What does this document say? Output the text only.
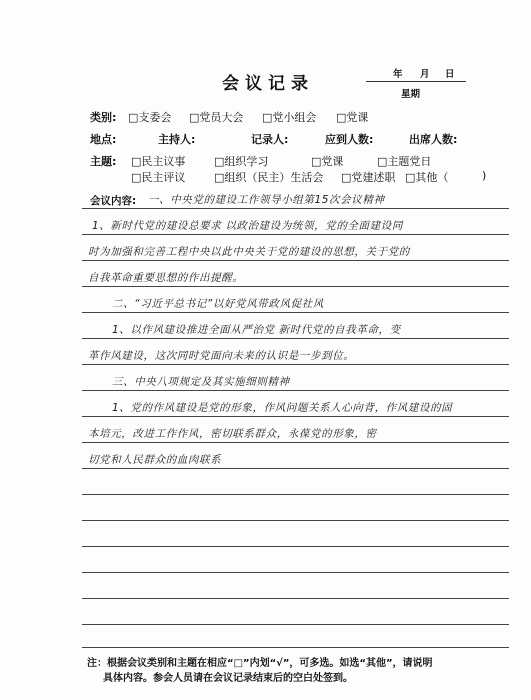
会议记录	年 月 日
星期
类别: □支委会 □党员大会 □党小组会 □党课
地点:	主持人:	记录人:	应到人数:	出席人数:
主题: □民主议事	□组织学习	□党课	□主题党日
□民主评议	□组织（民主）生活会 □党建述职 □其他（	)
会议内容: 一、中央党的建设工作领导小组第15次会议精神
1、新时代党的建设总要求 以政治建设为统领，党的全面建设同
时为加强和完善工程中央以此中央关于党的建设的思想，关于党的
自我革命重要思想的作出提醒。
二、“习近平总书记”以好党风带政风促社风
1、以作风建设推进全面从严治党 新时代党的自我革命，变
革作风建设，这次同时党面向未来的认识是一步到位。
三、中央八项规定及其实施细则精神
1、党的作风建设是党的形象，作风问题关系人心向背，作风建设的固
本培元，改进工作作风，密切联系群众，永葆党的形象，密
切党和人民群众的血肉联系
注：根据会议类别和主题在相应“□”内划“√”，可多选。如选“其他”，请说明
具体内容。参会人员请在会议记录结束后的空白处签到。
